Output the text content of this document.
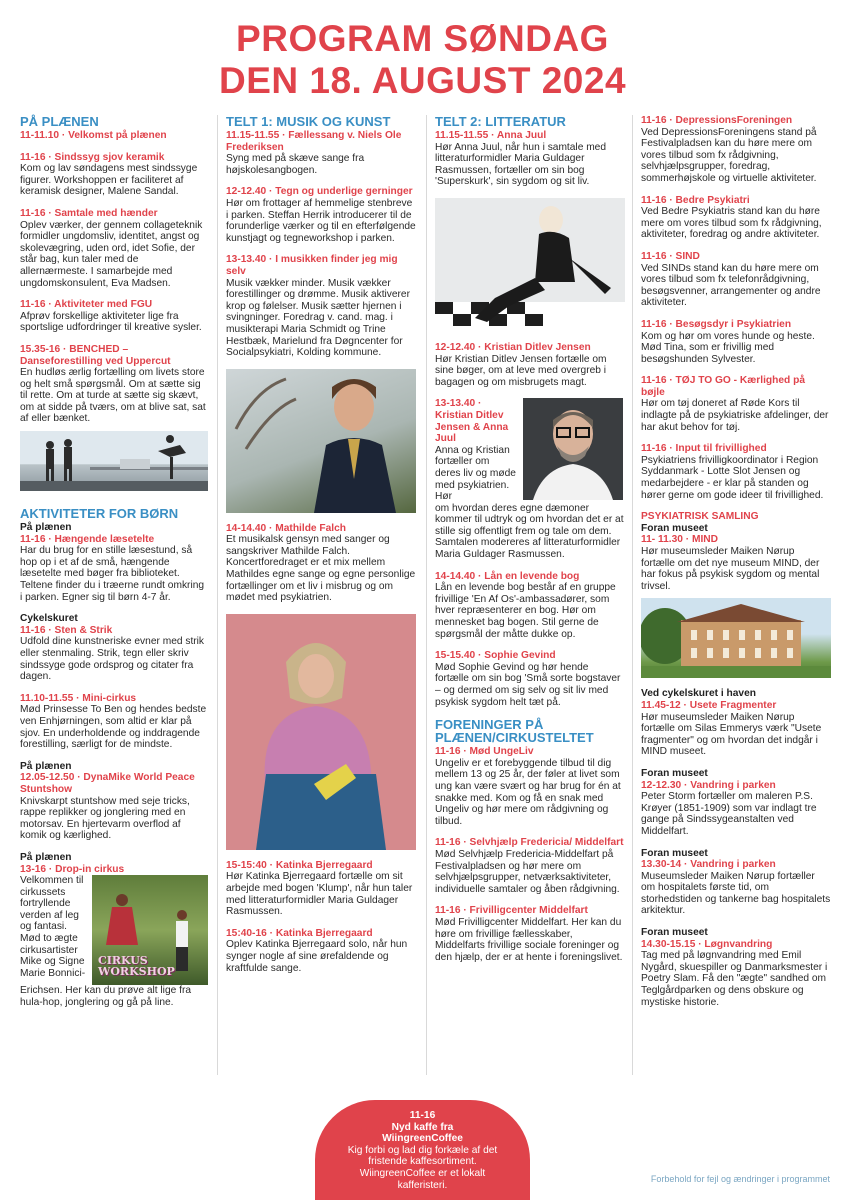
PROGRAM SØNDAG
DEN 18. AUGUST 2024
PÅ PLÆNEN
11-11.10 · Velkomst på plænen
11-16 · Sindssyg sjov keramik
Kom og lav søndagens mest sindssyge figurer. Workshoppen er faciliteret af keramisk designer, Malene Sandal.
11-16 · Samtale med hænder
Oplev værker, der gennem collageteknik formidler ungdomsliv, identitet, angst og skolevægring, uden ord, idet Sofie, der står bag, kun taler med de allernærmeste. I samarbejde med ungdomskonsulent, Eva Madsen.
11-16 · Aktiviteter med FGU
Afprøv forskellige aktiviteter lige fra sportslige udfordringer til kreative sysler.
15.35-16 · BENCHED – Danseforestilling ved Uppercut
En hudløs ærlig fortælling om livets store og helt små spørgsmål. Om at sætte sig til rette. Om at turde at sætte sig skævt, om at sidde på tværs, om at blive sat, sat af eller bænket.
AKTIVITETER FOR BØRN
På plænen
11-16 · Hængende læsetelte
Har du brug for en stille læsestund, så hop op i et af de små, hængende læsetelte med bøger fra biblioteket. Teltene finder du i træerne rundt omkring i parken. Egner sig til børn 4-7 år.
Cykelskuret
11-16 · Sten & Strik
Udfold dine kunstneriske evner med strik eller stenmaling. Strik, tegn eller skriv sindssyge gode ordsprog og citater fra dagen.
11.10-11.55 · Mini-cirkus
Mød Prinsesse To Ben og hendes bedste ven Enhjørningen, som altid er klar på sjov. En underholdende og inddragende forestilling, særligt for de mindste.
På plænen
12.05-12.50 · DynaMike World Peace Stuntshow
Knivskarpt stuntshow med seje tricks, rappe replikker og jonglering med en motorsav. En hjertevarm overflod af komik og kærlighed.
På plænen
13-16 · Drop-in cirkus
Velkommen til cirkussets fortryllende verden af leg og fantasi. Mød to ægte cirkusartister Mike og Signe Marie Bonnici-
CIRKUS WORKSHOP
Erichsen. Her kan du prøve alt lige fra hula-hop, jonglering og gå på line.
TELT 1: MUSIK OG KUNST
11.15-11.55 · Fællessang v. Niels Ole Frederiksen
Syng med på skæve sange fra højskolesangbogen.
12-12.40 · Tegn og underlige gerninger
Hør om frottager af hemmelige stenbreve i parken. Steffan Herrik introducerer til de forunderlige værker og til en efterfølgende kunstjagt og tegneworkshop i parken.
13-13.40 · I musikken finder jeg mig selv
Musik vækker minder. Musik vækker forestillinger og drømme. Musik aktiverer krop og følelser. Musik sætter hjernen i svingninger. Foredrag v. cand. mag. i musikterapi Maria Schmidt og Trine Hestbæk, Marielund fra Døgncenter for Socialpsykiatri, Kolding kommune.
14-14.40 · Mathilde Falch
Et musikalsk gensyn med sanger og sangskriver Mathilde Falch. Koncertforedraget er et mix mellem Mathildes egne sange og egne personlige fortællinger om et liv i misbrug og om mødet med psykiatrien.
15-15:40 · Katinka Bjerregaard
Hør Katinka Bjerregaard fortælle om sit arbejde med bogen 'Klump', når hun taler med litteraturformidler Maria Guldager Rasmussen.
15:40-16 · Katinka Bjerregaard
Oplev Katinka Bjerregaard solo, når hun synger nogle af sine ørefaldende og kraftfulde sange.
TELT 2: LITTERATUR
11.15-11.55 · Anna Juul
Hør Anna Juul, når hun i samtale med litteraturformidler Maria Guldager Rasmussen, fortæller om sin bog 'Superskurk', sin sygdom og sit liv.
12-12.40 · Kristian Ditlev Jensen
Hør Kristian Ditlev Jensen fortælle om sine bøger, om at leve med overgreb i bagagen og om misbrugets magt.
13-13.40 · Kristian Ditlev Jensen & Anna Juul
Anna og Kristian fortæller om deres liv og møde med psykiatrien. Hør
om hvordan deres egne dæmoner kommer til udtryk og om hvordan det er at stille sig offentligt frem og tale om dem. Samtalen modereres af litteraturformidler Maria Guldager Rasmussen.
14-14.40 · Lån en levende bog
Lån en levende bog består af en gruppe frivillige 'En Af Os'-ambassadører, som hver repræsenterer en bog. Hør om mennesket bag bogen. Stil gerne de spørgsmål der måtte dukke op.
15-15.40 · Sophie Gevind
Mød Sophie Gevind og hør hende fortælle om sin bog 'Små sorte bogstaver – og dermed om sig selv og sit liv med psykisk sygdom helt tæt på.
FORENINGER PÅ PLÆNEN/CIRKUSTELTET
11-16 · Mød UngeLiv
Ungeliv er et forebyggende tilbud til dig mellem 13 og 25 år, der føler at livet som ung kan være svært og har brug for én at snakke med. Kom og få en snak med Ungeliv og hør mere om rådgivning og tilbud.
11-16 · Selvhjælp Fredericia/ Middelfart
Mød Selvhjælp Fredericia-Middelfart på Festivalpladsen og hør mere om selvhjælpsgrupper, netværksaktiviteter, individuelle samtaler og åben rådgivning.
11-16 · Frivilligcenter Middelfart
Mød Frivilligcenter Middelfart. Her kan du høre om frivillige fællesskaber, Middelfarts frivillige sociale foreninger og den hjælp, der er at hente i foreningslivet.
11-16 · DepressionsForeningen
Ved DepressionsForeningens stand på Festivalpladsen kan du høre mere om vores tilbud som fx rådgivning, selvhjælpsgrupper, foredrag, sommerhøjskole og virtuelle aktiviteter.
11-16 · Bedre Psykiatri
Ved Bedre Psykiatris stand kan du høre mere om vores tilbud som fx rådgivning, aktiviteter, foredrag og andre aktiviteter.
11-16 · SIND
Ved SINDs stand kan du høre mere om vores tilbud som fx telefonrådgivning, besøgsvenner, arrangementer og andre aktiviteter.
11-16 · Besøgsdyr i Psykiatrien
Kom og hør om vores hunde og heste. Mød Tina, som er frivillig med besøgshunden Sylvester.
11-16 · TØJ TO GO - Kærlighed på bøjle
Hør om tøj doneret af Røde Kors til indlagte på de psykiatriske afdelinger, der har akut behov for tøj.
11-16 · Input til frivillighed
Psykiatriens frivilligkoordinator i Region Syddanmark - Lotte Slot Jensen og medarbejdere - er klar på standen og hører gerne om gode ideer til frivillighed.
PSYKIATRISK SAMLING
Foran museet
11- 11.30 · MIND
Hør museumsleder Maiken Nørup fortælle om det nye museum MIND, der har fokus på psykisk sygdom og mental trivsel.
Ved cykelskuret i haven
11.45-12 · Usete Fragmenter
Hør museumsleder Maiken Nørup fortælle om Silas Emmerys værk "Usete fragmenter" og om hvordan det indgår i MIND museet.
Foran museet
12-12.30 · Vandring i parken
Peter Storm fortæller om maleren P.S. Krøyer (1851-1909) som var indlagt tre gange på Sindssygeanstalten ved Middelfart.
Foran museet
13.30-14 · Vandring i parken
Museumsleder Maiken Nørup fortæller om hospitalets første tid, om storhedstiden og tankerne bag hospitalets arkitektur.
Foran museet
14.30-15.15 · Løgnvandring
Tag med på løgnvandring med Emil Nygård, skuespiller og Danmarksmester i Poetry Slam. Få den "ægte" sandhed om Teglgårdparken og dens obskure og mystiske historie.
11-16
Nyd kaffe fra
WiingreenCoffee
Kig forbi og lad dig forkæle af det fristende kaffesortiment. WiingreenCoffee er et lokalt kafferisteri.
Forbehold for fejl og ændringer i programmet
